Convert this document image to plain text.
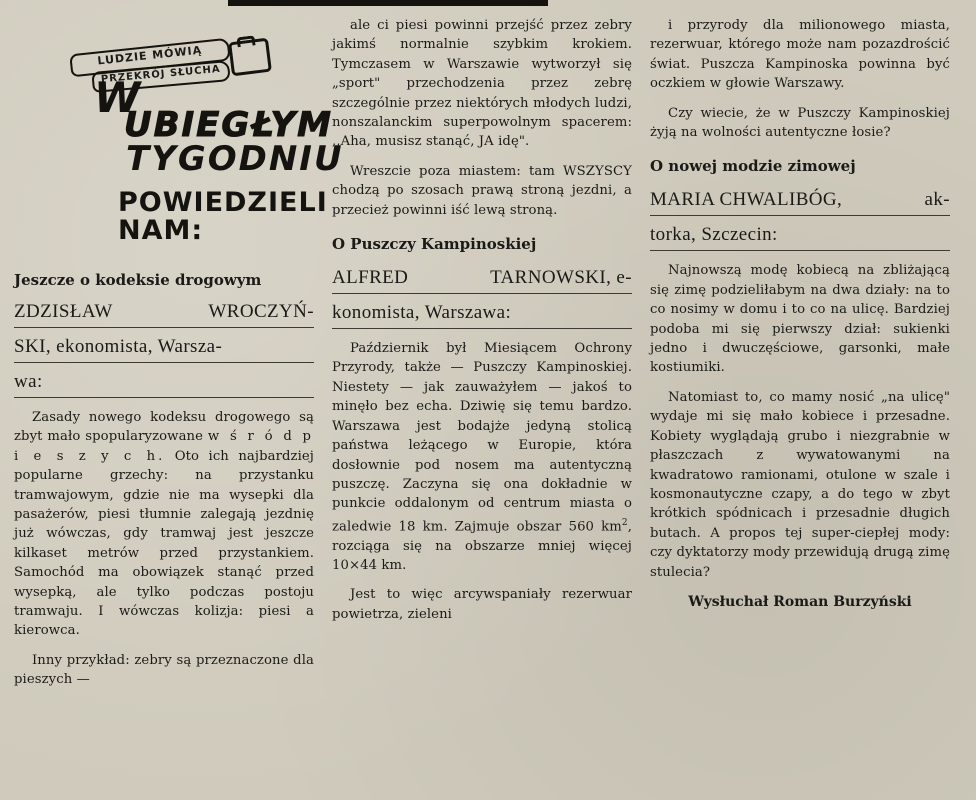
LUDZIE MÓWIĄ
PRZEKRÓJ SŁUCHA
W
UBIEGŁYM
TYGODNIU
POWIEDZIELI
NAM:
Jeszcze o kodeksie drogowym
ZDZISŁAW	WROCZYŃ-
SKI, ekonomista, Warsza-
wa:

Zasady nowego kodeksu drogowego są zbyt mało spopularyzowane w ś r ó d p i e s z y c h. Oto ich najbardziej popularne grzechy: na przystanku tramwajowym, gdzie nie ma wysepki dla pasażerów, piesi tłumnie zalegają jezdnię już wówczas, gdy tramwaj jest jeszcze kilkaset metrów przed przystankiem. Samochód ma obowiązek stanąć przed wysepką, ale tylko podczas postoju tramwaju. I wówczas kolizja: piesi a kierowca.

Inny przykład: zebry są przeznaczone dla pieszych —

ale ci piesi powinni przejść przez zebry jakimś normalnie szybkim krokiem. Tymczasem w Warszawie wytworzył się „sport" przechodzenia przez zebrę szczególnie przez niektórych młodych ludzi, nonszalanckim superpowolnym spacerem: ,,Aha, musisz stanąć, JA idę".

Wreszcie poza miastem: tam WSZYSCY chodzą po szosach prawą stroną jezdni, a przecież powinni iść lewą stroną.

O Puszczy Kampinoskiej
ALFRED	TARNOWSKI, e-
konomista, Warszawa:

Październik był Miesiącem Ochrony Przyrody, także — Puszczy Kampinoskiej. Niestety — jak zauważyłem — jakoś to minęło bez echa. Dziwię się temu bardzo. Warszawa jest bodajże jedyną stolicą państwa leżącego w Europie, która dosłownie pod nosem ma autentyczną puszczę. Zaczyna się ona dokładnie w punkcie oddalonym od centrum miasta o zaledwie 18 km. Zajmuje obszar 560 $km^2$, rozciąga się na obszarze mniej więcej 10×44 km.

Jest to więc arcywspaniały rezerwuar powietrza, zieleni

i przyrody dla milionowego miasta, rezerwuar, którego może nam pozazdrościć świat. Puszcza Kampinoska powinna być oczkiem w głowie Warszawy.

Czy wiecie, że w Puszczy Kampinoskiej żyją na wolności autentyczne łosie?

O nowej modzie zimowej
MARIA CHWALIBÓG,	ak-
torka, Szczecin:

Najnowszą modę kobiecą na zbliżającą się zimę podzieliłabym na dwa działy: na to co nosimy w domu i to co na ulicę. Bardziej podoba mi się pierwszy dział: sukienki jedno i dwuczęściowe, garsonki, małe kostiumiki.

Natomiast to, co mamy nosić „na ulicę" wydaje mi się mało kobiece i przesadne. Kobiety wyglądają grubo i niezgrabnie w płaszczach z wywatowanymi na kwadratowo ramionami, otulone w szale i kosmonautyczne czapy, a do tego w zbyt krótkich spódnicach i przesadnie długich butach. A propos tej super-ciepłej mody: czy dyktatorzy mody przewidują drugą zimę stulecia?

Wysłuchał Roman Burzyński
